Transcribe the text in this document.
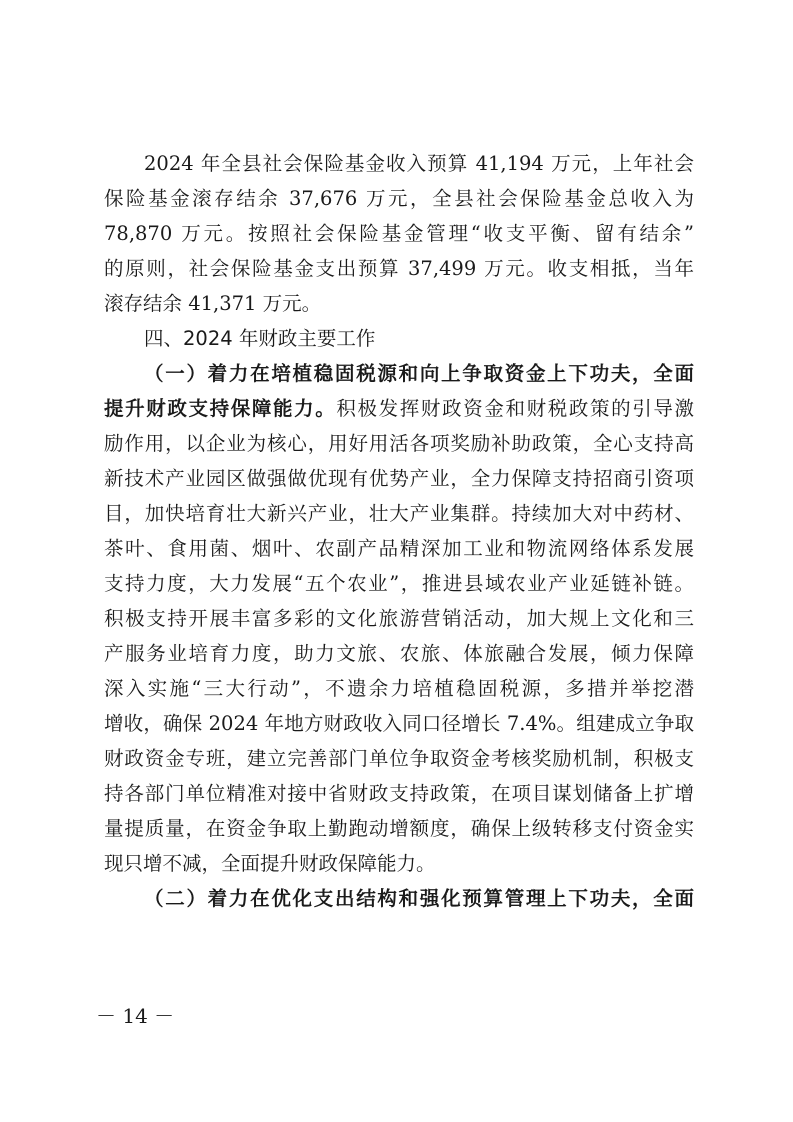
2024 年全县社会保险基金收入预算 41,194 万元，上年社会
保险基金滚存结余 37,676 万元，全县社会保险基金总收入为
78,870 万元。按照社会保险基金管理“收支平衡、留有结余”
的原则，社会保险基金支出预算 37,499 万元。收支相抵，当年
滚存结余 41,371 万元。
四、2024 年财政主要工作
（一）着力在培植稳固税源和向上争取资金上下功夫，全面
提升财政支持保障能力。积极发挥财政资金和财税政策的引导激
励作用，以企业为核心，用好用活各项奖励补助政策，全心支持高
新技术产业园区做强做优现有优势产业，全力保障支持招商引资项
目，加快培育壮大新兴产业，壮大产业集群。持续加大对中药材、
茶叶、食用菌、烟叶、农副产品精深加工业和物流网络体系发展
支持力度，大力发展“五个农业”，推进县域农业产业延链补链。
积极支持开展丰富多彩的文化旅游营销活动，加大规上文化和三
产服务业培育力度，助力文旅、农旅、体旅融合发展，倾力保障
深入实施“三大行动”，不遗余力培植稳固税源，多措并举挖潜
增收，确保 2024 年地方财政收入同口径增长 7.4%。组建成立争取
财政资金专班，建立完善部门单位争取资金考核奖励机制，积极支
持各部门单位精准对接中省财政支持政策，在项目谋划储备上扩增
量提质量，在资金争取上勤跑动增额度，确保上级转移支付资金实
现只增不减，全面提升财政保障能力。
（二）着力在优化支出结构和强化预算管理上下功夫，全面
－ 14 －
